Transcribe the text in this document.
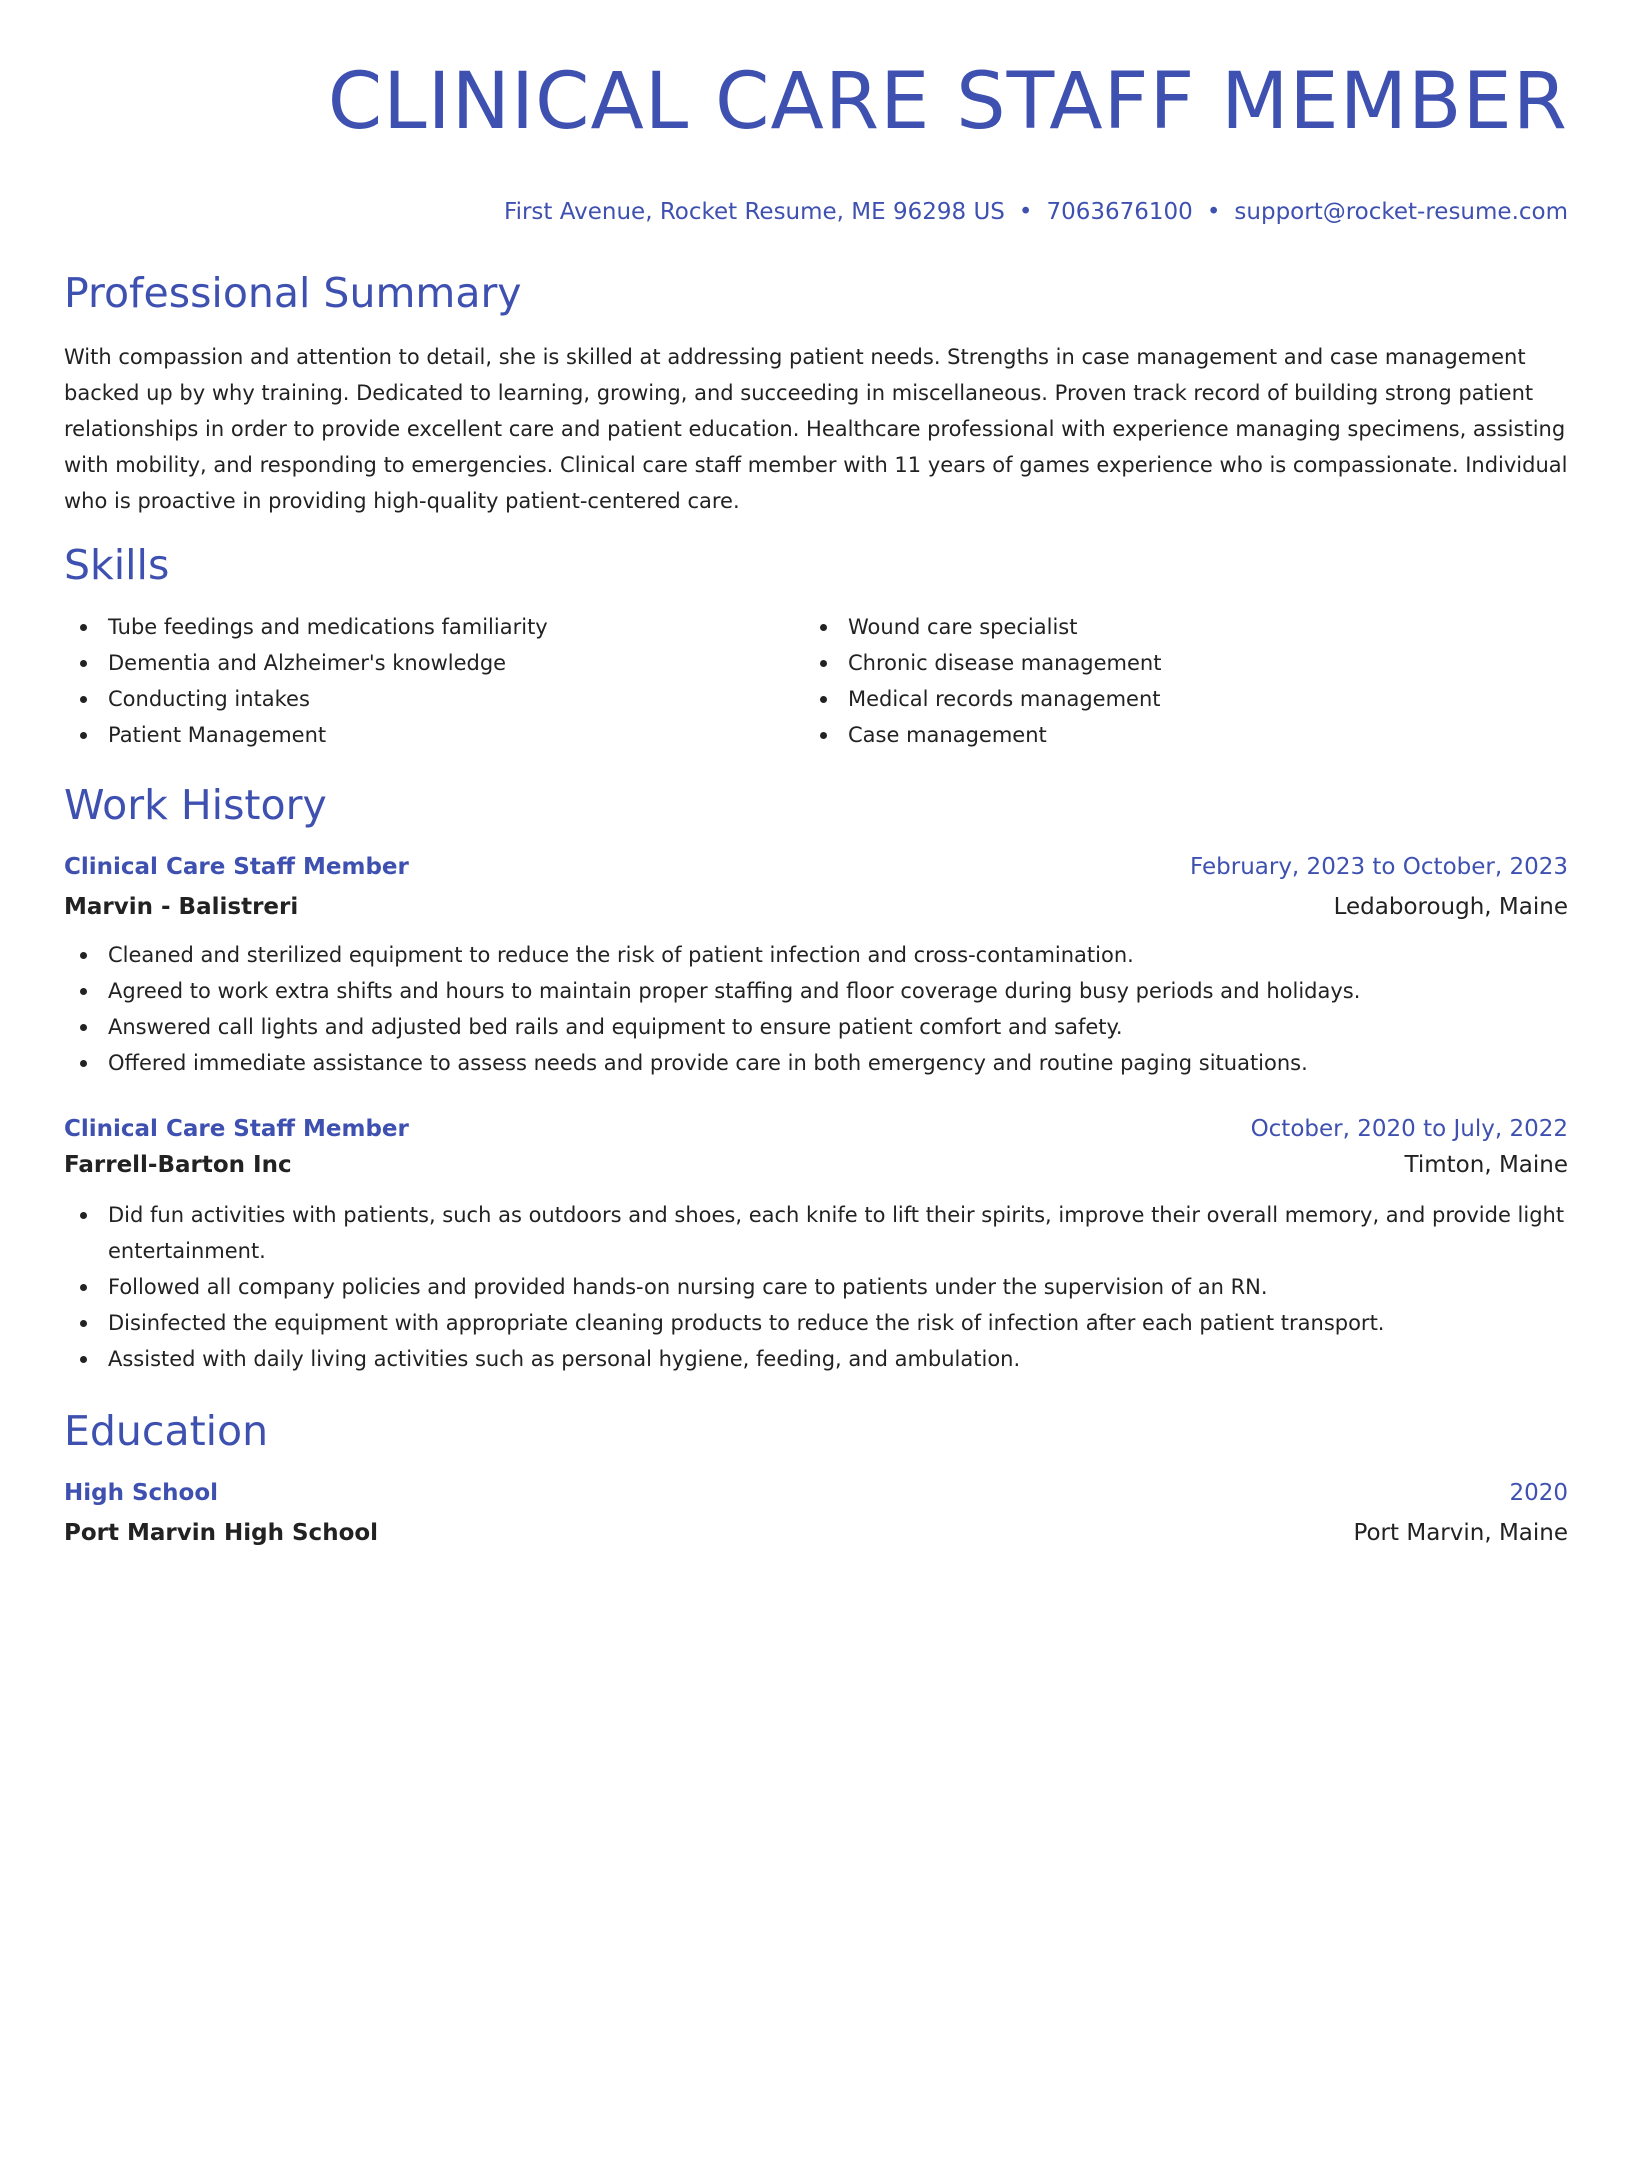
CLINICAL CARE STAFF MEMBER
First Avenue, Rocket Resume, ME 96298 US • 7063676100 • support@rocket-resume.com
Professional Summary
With compassion and attention to detail, she is skilled at addressing patient needs. Strengths in case management and case management backed up by why training. Dedicated to learning, growing, and succeeding in miscellaneous. Proven track record of building strong patient relationships in order to provide excellent care and patient education. Healthcare professional with experience managing specimens, assisting with mobility, and responding to emergencies. Clinical care staff member with 11 years of games experience who is compassionate. Individual who is proactive in providing high-quality patient-centered care.
Skills
Tube feedings and medications familiarity
Dementia and Alzheimer's knowledge
Conducting intakes
Patient Management
Wound care specialist
Chronic disease management
Medical records management
Case management
Work History
Clinical Care Staff Member	February, 2023 to October, 2023
Marvin - Balistreri	Ledaborough, Maine
Cleaned and sterilized equipment to reduce the risk of patient infection and cross-contamination.
Agreed to work extra shifts and hours to maintain proper staffing and floor coverage during busy periods and holidays.
Answered call lights and adjusted bed rails and equipment to ensure patient comfort and safety.
Offered immediate assistance to assess needs and provide care in both emergency and routine paging situations.
Clinical Care Staff Member	October, 2020 to July, 2022
Farrell-Barton Inc	Timton, Maine
Did fun activities with patients, such as outdoors and shoes, each knife to lift their spirits, improve their overall memory, and provide light entertainment.
Followed all company policies and provided hands-on nursing care to patients under the supervision of an RN.
Disinfected the equipment with appropriate cleaning products to reduce the risk of infection after each patient transport.
Assisted with daily living activities such as personal hygiene, feeding, and ambulation.
Education
High School	2020
Port Marvin High School	Port Marvin, Maine
